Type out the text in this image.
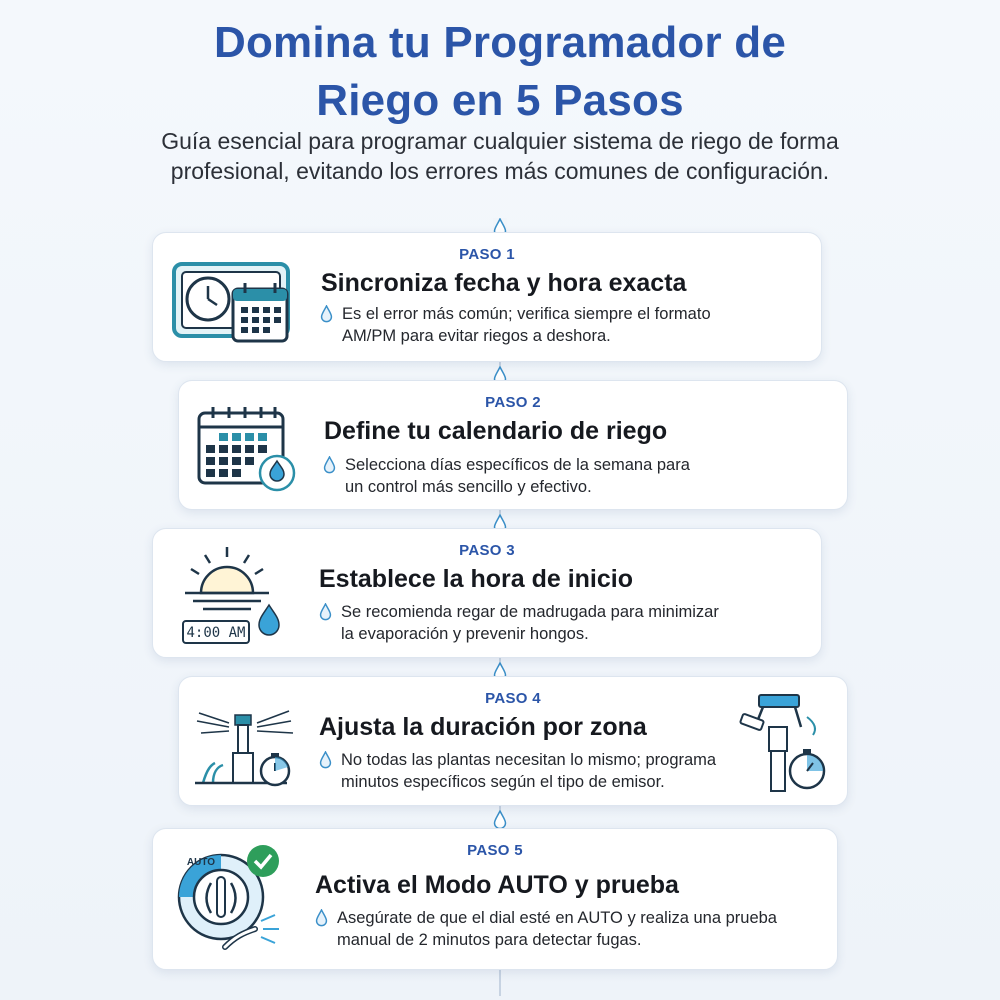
Domina tu Programador de
Riego en 5 Pasos

Guía esencial para programar cualquier sistema de riego de forma
profesional, evitando los errores más comunes de configuración.

PASO 1
Sincroniza fecha y hora exacta
Es el error más común; verifica siempre el formato
AM/PM para evitar riegos a deshora.
PASO 2
Define tu calendario de riego
Selecciona días específicos de la semana para
un control más sencillo y efectivo.
PASO 3
4:00 AM
Establece la hora de inicio
Se recomienda regar de madrugada para minimizar
la evaporación y prevenir hongos.
PASO 4
Ajusta la duración por zona
No todas las plantas necesitan lo mismo; programa
minutos específicos según el tipo de emisor.
PASO 5
AUTO
Activa el Modo AUTO y prueba
Asegúrate de que el dial esté en AUTO y realiza una prueba
manual de 2 minutos para detectar fugas.
